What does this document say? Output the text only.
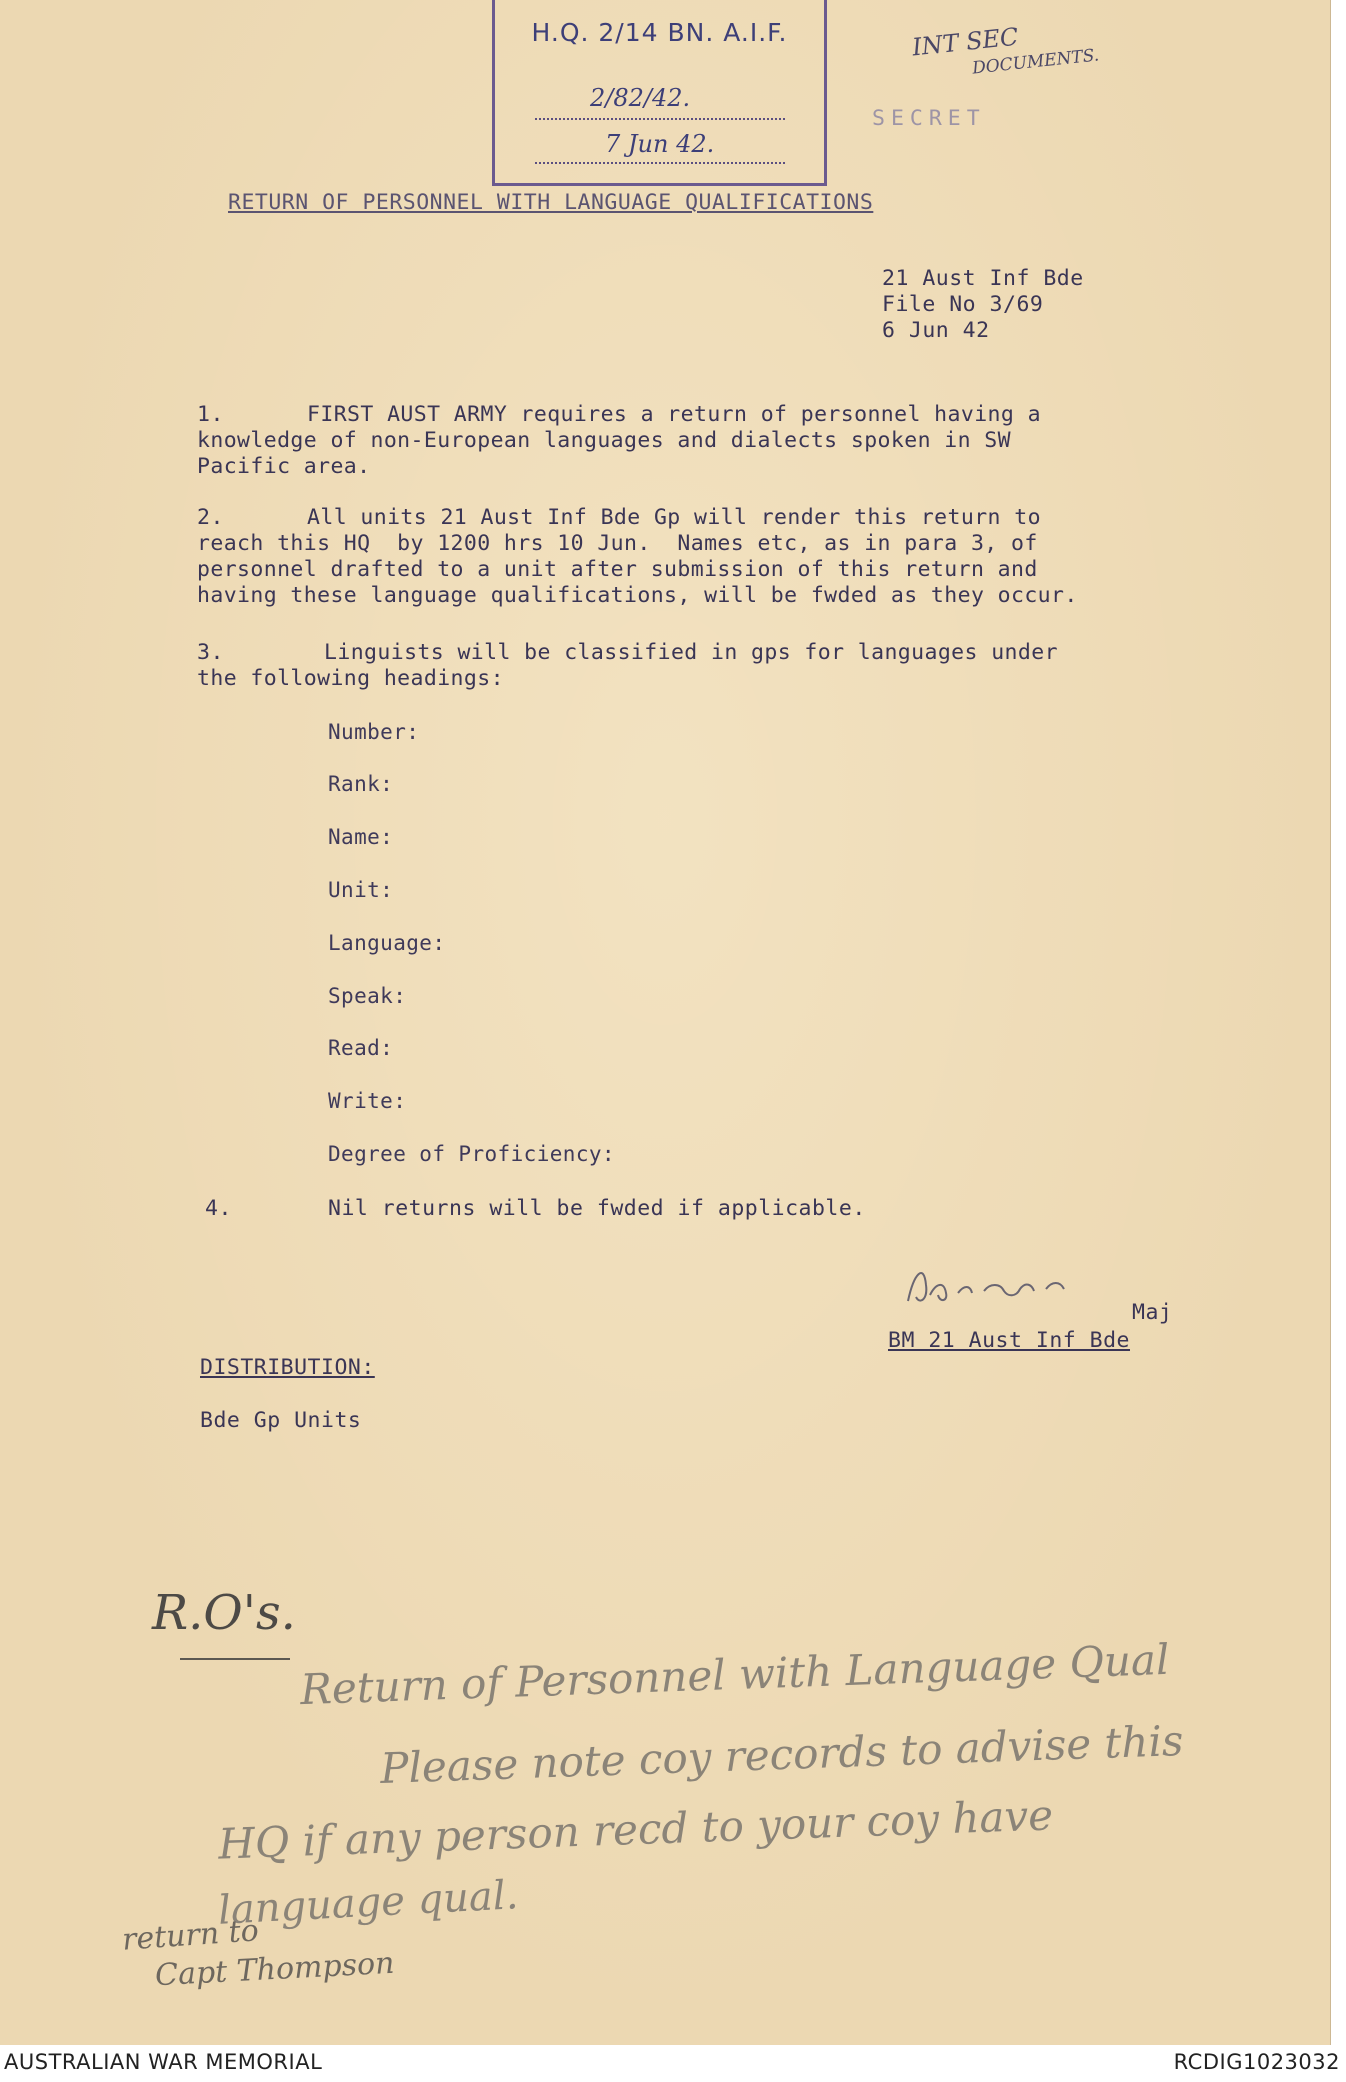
H.Q. 2/14 BN. A.I.F.
2/82/42.
7 Jun 42.
INT SEC
DOCUMENTS.
SECRET
RETURN OF PERSONNEL WITH LANGUAGE QUALIFICATIONS
21 Aust Inf Bde
File No 3/69
6 Jun 42
1.	FIRST AUST ARMY requires a return of personnel having a
knowledge of non-European languages and dialects spoken in SW
Pacific area.
2.	All units 21 Aust Inf Bde Gp will render this return to
reach this HQ  by 1200 hrs 10 Jun.  Names etc, as in para 3, of
personnel drafted to a unit after submission of this return and
having these language qualifications, will be fwded as they occur.
3.	Linguists will be classified in gps for languages under
the following headings:
Number:
Rank:
Name:
Unit:
Language:
Speak:
Read:
Write:
Degree of Proficiency:
4.	Nil returns will be fwded if applicable.
Maj
BM 21 Aust Inf Bde
DISTRIBUTION:
Bde Gp Units
R.O's.
Return of Personnel with Language Qual
Please note coy records to advise this
HQ if any person recd to your coy have
language qual.
return to
Capt Thompson
AUSTRALIAN WAR MEMORIAL	RCDIG1023032
